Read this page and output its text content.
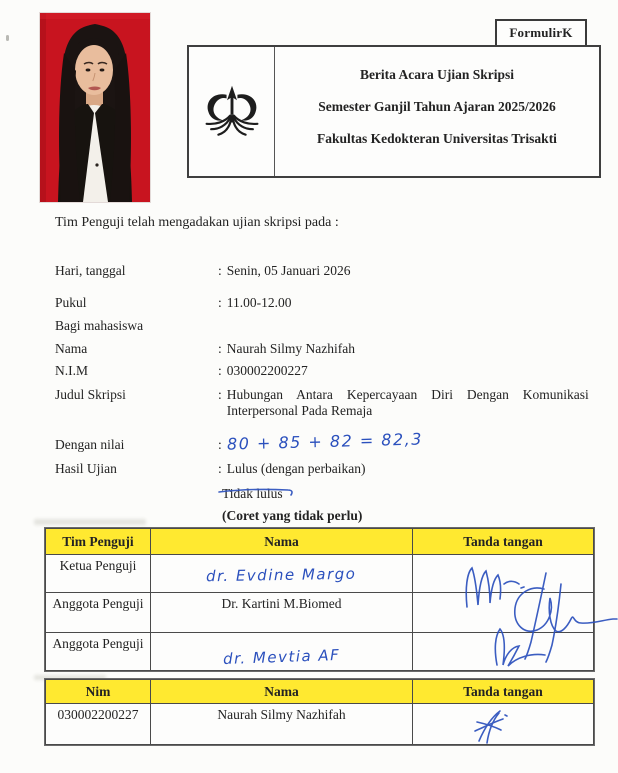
FormulirK
Berita Acara Ujian Skripsi
Semester Ganjil Tahun Ajaran 2025/2026
Fakultas Kedokteran Universitas Trisakti
Tim Penguji telah mengadakan ujian skripsi pada :
Hari, tanggal	: Senin, 05 Januari 2026
Pukul	: 11.00-12.00
Bagi mahasiswa
Nama	: Naurah Silmy Nazhifah
N.I.M	: 030002200227
Judul Skripsi	: Hubungan Antara Kepercayaan Diri Dengan Komunikasi
Interpersonal Pada Remaja
Dengan nilai	: 80 + 85 + 82 = 82,3
Hasil Ujian	: Lulus (dengan perbaikan)
Tidak lulus
(Coret yang tidak perlu)
Tim Penguji	Nama	Tanda tangan
Ketua Penguji	dr. Evdine Margo	
Anggota Penguji	Dr. Kartini M.Biomed	
Anggota Penguji	dr. Mevtia AF	
Nim	Nama	Tanda tangan
030002200227	Naurah Silmy Nazhifah	
